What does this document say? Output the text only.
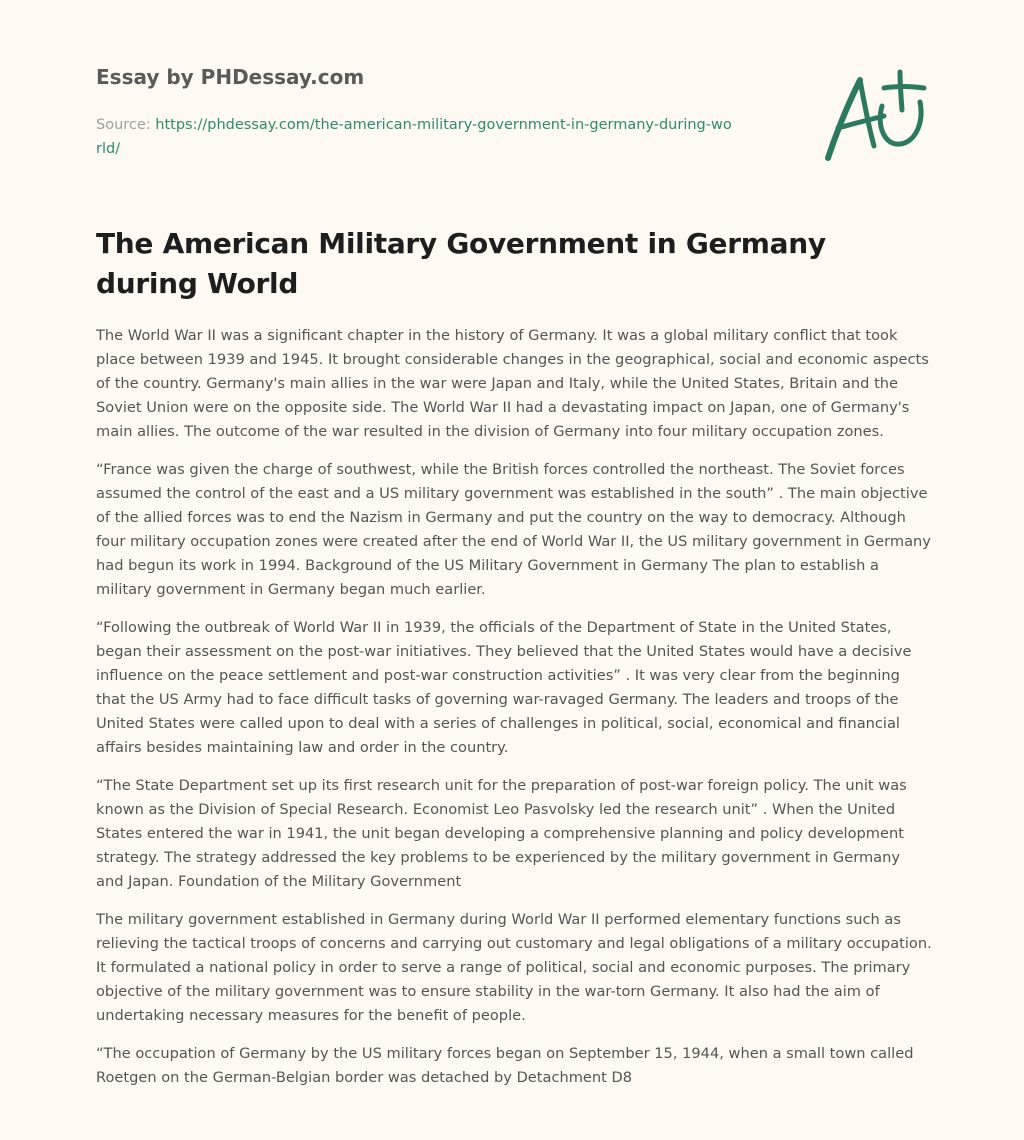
Essay by PHDessay.com
Source: https://phdessay.com/the-american-military-government-in-germany-during-world/
The American Military Government in Germany during World

The World War II was a significant chapter in the history of Germany. It was a global military conflict that took place between 1939 and 1945. It brought considerable changes in the geographical, social and economic aspects of the country. Germany's main allies in the war were Japan and Italy, while the United States, Britain and the Soviet Union were on the opposite side. The World War II had a devastating impact on Japan, one of Germany's main allies. The outcome of the war resulted in the division of Germany into four military occupation zones.

“France was given the charge of southwest, while the British forces controlled the northeast. The Soviet forces assumed the control of the east and a US military government was established in the south” . The main objective of the allied forces was to end the Nazism in Germany and put the country on the way to democracy. Although four military occupation zones were created after the end of World War II, the US military government in Germany had begun its work in 1994. Background of the US Military Government in Germany The plan to establish a military government in Germany began much earlier.

“Following the outbreak of World War II in 1939, the officials of the Department of State in the United States, began their assessment on the post-war initiatives. They believed that the United States would have a decisive influence on the peace settlement and post-war construction activities” . It was very clear from the beginning that the US Army had to face difficult tasks of governing war-ravaged Germany. The leaders and troops of the United States were called upon to deal with a series of challenges in political, social, economical and financial affairs besides maintaining law and order in the country.

“The State Department set up its first research unit for the preparation of post-war foreign policy. The unit was known as the Division of Special Research. Economist Leo Pasvolsky led the research unit” . When the United States entered the war in 1941, the unit began developing a comprehensive planning and policy development strategy. The strategy addressed the key problems to be experienced by the military government in Germany and Japan. Foundation of the Military Government

The military government established in Germany during World War II performed elementary functions such as relieving the tactical troops of concerns and carrying out customary and legal obligations of a military occupation. It formulated a national policy in order to serve a range of political, social and economic purposes. The primary objective of the military government was to ensure stability in the war-torn Germany. It also had the aim of undertaking necessary measures for the benefit of people.

“The occupation of Germany by the US military forces began on September 15, 1944, when a small town called Roetgen on the German-Belgian border was detached by Detachment D8
